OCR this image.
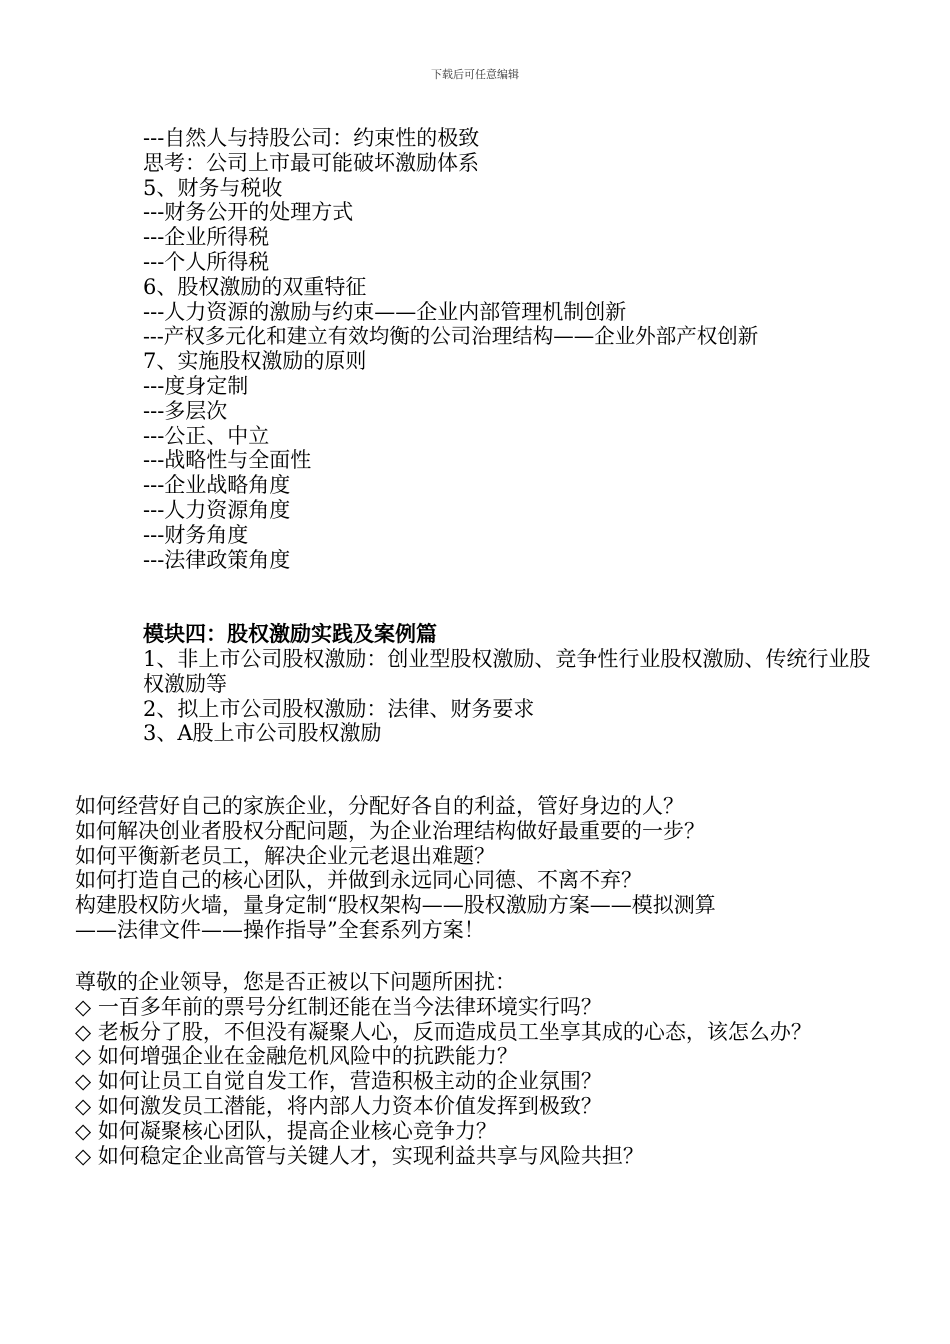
下载后可任意编辑
---自然人与持股公司：约束性的极致
思考：公司上市最可能破坏激励体系
5、财务与税收
---财务公开的处理方式
---企业所得税
---个人所得税
6、股权激励的双重特征
---人力资源的激励与约束——企业内部管理机制创新
---产权多元化和建立有效均衡的公司治理结构——企业外部产权创新
7、实施股权激励的原则
---度身定制
---多层次
---公正、中立
---战略性与全面性
---企业战略角度
---人力资源角度
---财务角度
---法律政策角度
模块四：股权激励实践及案例篇
1、非上市公司股权激励：创业型股权激励、竞争性行业股权激励、传统行业股权激励等
2、拟上市公司股权激励：法律、财务要求
3、A股上市公司股权激励
如何经营好自己的家族企业，分配好各自的利益，管好身边的人？
如何解决创业者股权分配问题，为企业治理结构做好最重要的一步？
如何平衡新老员工，解决企业元老退出难题？
如何打造自己的核心团队，并做到永远同心同德、不离不弃？
构建股权防火墙，量身定制“股权架构——股权激励方案——模拟测算
——法律文件——操作指导”全套系列方案！
尊敬的企业领导，您是否正被以下问题所困扰：
◇ 一百多年前的票号分红制还能在当今法律环境实行吗？
◇ 老板分了股，不但没有凝聚人心，反而造成员工坐享其成的心态，该怎么办？
◇ 如何增强企业在金融危机风险中的抗跌能力？
◇ 如何让员工自觉自发工作，营造积极主动的企业氛围？
◇ 如何激发员工潜能，将内部人力资本价值发挥到极致？
◇ 如何凝聚核心团队，提高企业核心竞争力？
◇ 如何稳定企业高管与关键人才，实现利益共享与风险共担？
